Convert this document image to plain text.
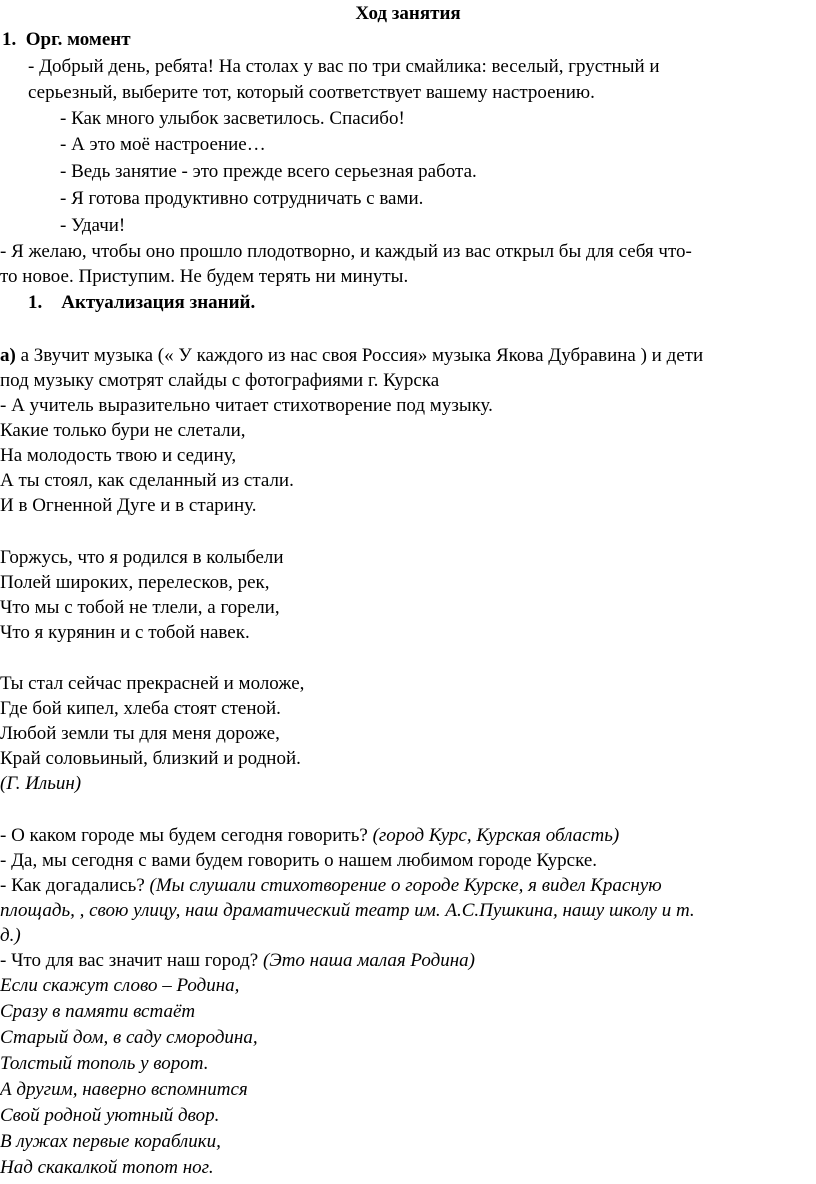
Ход занятия
1. Орг. момент
- Добрый день, ребята! На столах у вас по три смайлика: веселый, грустный и
серьезный, выберите тот, который соответствует вашему настроению.
- Как много улыбок засветилось. Спасибо!
- А это моё настроение…
- Ведь занятие - это прежде всего серьезная работа.
- Я готова продуктивно сотрудничать с вами.
- Удачи!
- Я желаю, чтобы оно прошло плодотворно, и каждый из вас открыл бы для себя что-
то новое. Приступим. Не будем терять ни минуты.
1. Актуализация знаний.
а) а Звучит музыка (« У каждого из нас своя Россия» музыка Якова Дубравина ) и дети
под музыку смотрят слайды с фотографиями г. Курска
- А учитель выразительно читает стихотворение под музыку.
Какие только бури не слетали,
На молодость твою и седину,
А ты стоял, как сделанный из стали.
И в Огненной Дуге и в старину.
Горжусь, что я родился в колыбели
Полей широких, перелесков, рек,
Что мы с тобой не тлели, а горели,
Что я курянин и с тобой навек.
Ты стал сейчас прекрасней и моложе,
Где бой кипел, хлеба стоят стеной.
Любой земли ты для меня дороже,
Край соловьиный, близкий и родной.
(Г. Ильин)
- О каком городе мы будем сегодня говорить? (город Курс, Курская область)
- Да, мы сегодня с вами будем говорить о нашем любимом городе Курске.
- Как догадались? (Мы слушали стихотворение о городе Курске, я видел Красную
площадь, , свою улицу, наш драматический театр им. А.С.Пушкина, нашу школу и т.
д.)
- Что для вас значит наш город? (Это наша малая Родина)
Если скажут слово – Родина,
Сразу в памяти встаёт
Старый дом, в саду смородина,
Толстый тополь у ворот.
А другим, наверно вспомнится
Свой родной уютный двор.
В лужах первые кораблики,
Над скакалкой топот ног.
